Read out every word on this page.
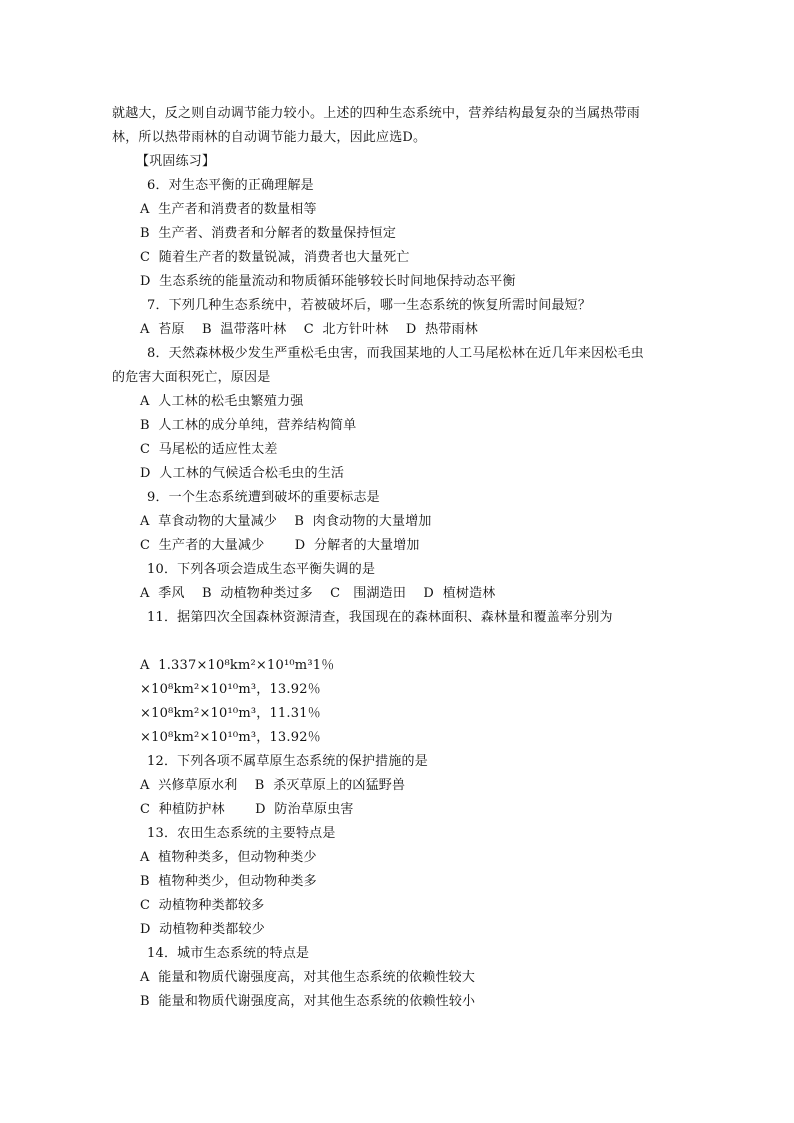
就越大，反之则自动调节能力较小。上述的四种生态系统中，营养结构最复杂的当属热带雨
林，所以热带雨林的自动调节能力最大，因此应选D。
【巩固练习】
6．对生态平衡的正确理解是
A  生产者和消费者的数量相等
B  生产者、消费者和分解者的数量保持恒定
C  随着生产者的数量锐减，消费者也大量死亡
D  生态系统的能量流动和物质循环能够较长时间地保持动态平衡
7．下列几种生态系统中，若被破坏后，哪一生态系统的恢复所需时间最短？
A  苔原    B  温带落叶林    C  北方针叶林    D  热带雨林
8．天然森林极少发生严重松毛虫害，而我国某地的人工马尾松林在近几年来因松毛虫
的危害大面积死亡，原因是
A  人工林的松毛虫繁殖力强
B  人工林的成分单纯，营养结构简单
C  马尾松的适应性太差
D  人工林的气候适合松毛虫的生活
9．一个生态系统遭到破坏的重要标志是
A  草食动物的大量减少    B  肉食动物的大量增加
C  生产者的大量减少       D  分解者的大量增加
10．下列各项会造成生态平衡失调的是
A  季风    B  动植物种类过多    C   围湖造田    D  植树造林
11．据第四次全国森林资源清查，我国现在的森林面积、森林量和覆盖率分别为
A  1.337×10⁸km²×10¹⁰m³1％
×10⁸km²×10¹⁰m³，13.92％
×10⁸km²×10¹⁰m³，11.31％
×10⁸km²×10¹⁰m³，13.92％
12．下列各项不属草原生态系统的保护措施的是
A  兴修草原水利    B  杀灭草原上的凶猛野兽
C  种植防护林       D  防治草原虫害
13．农田生态系统的主要特点是
A  植物种类多，但动物种类少
B  植物种类少，但动物种类多
C  动植物种类都较多
D  动植物种类都较少
14．城市生态系统的特点是
A  能量和物质代谢强度高，对其他生态系统的依赖性较大
B  能量和物质代谢强度高，对其他生态系统的依赖性较小
